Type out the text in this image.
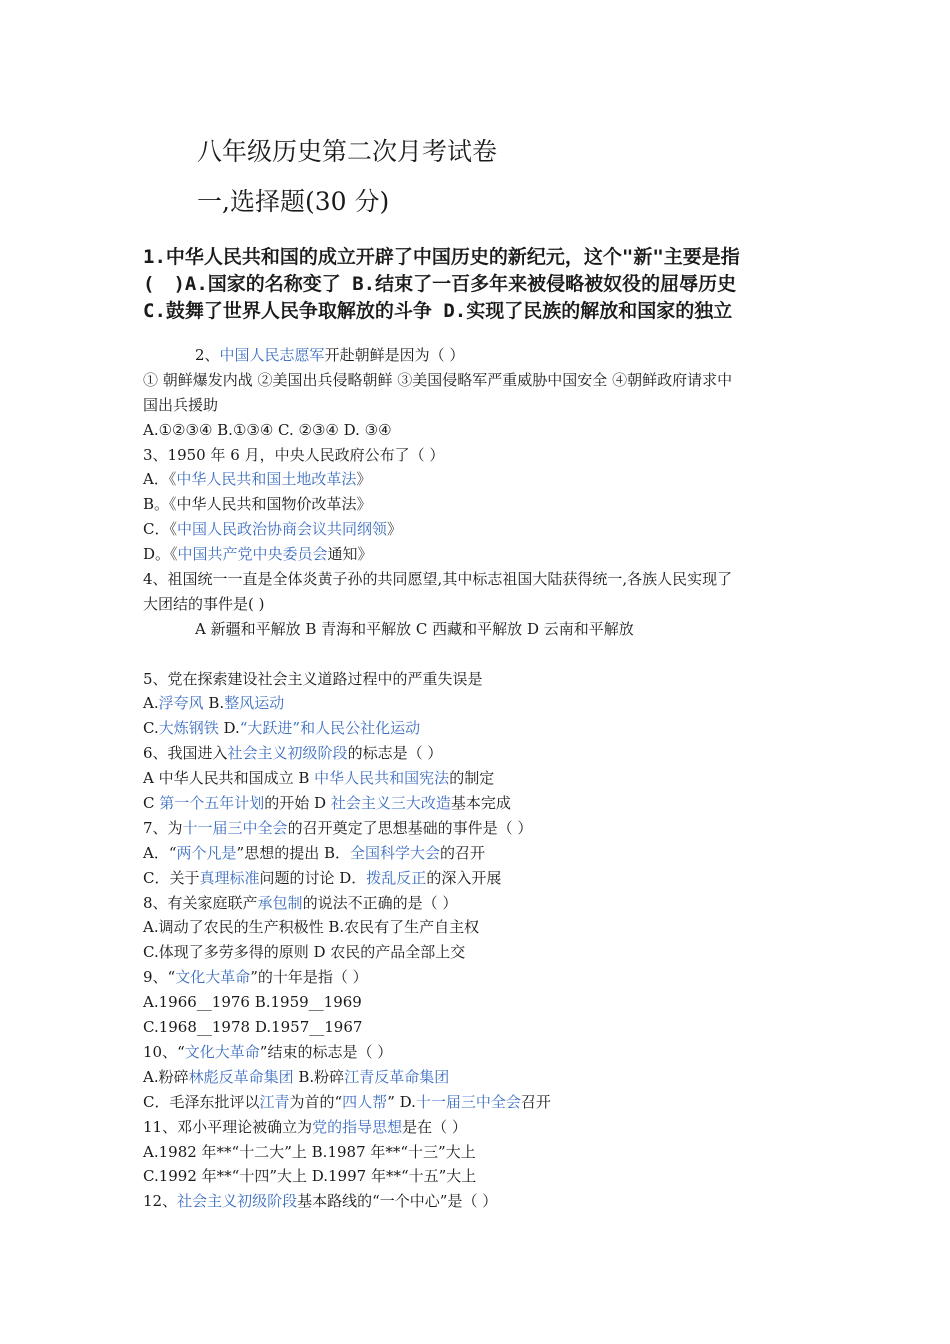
八年级历史第二次月考试卷
一,选择题(30 分)
1.中华人民共和国的成立开辟了中国历史的新纪元，这个"新"主要是指
(　)A.国家的名称变了 B.结束了一百多年来被侵略被奴役的屈辱历史
C.鼓舞了世界人民争取解放的斗争 D.实现了民族的解放和国家的独立
2、中国人民志愿军开赴朝鲜是因为（ ）
① 朝鲜爆发内战 ②美国出兵侵略朝鲜 ③美国侵略军严重威胁中国安全 ④朝鲜政府请求中
国出兵援助
A.①②③④ B.①③④ C. ②③④ D. ③④
3、1950 年 6 月，中央人民政府公布了（ ）
A．《中华人民共和国土地改革法》
B。《中华人民共和国物价改革法》
C．《中国人民政治协商会议共同纲领》
D。《中国共产党中央委员会通知》
4、祖国统一一直是全体炎黄子孙的共同愿望,其中标志祖国大陆获得统一,各族人民实现了
大团结的事件是( )
A 新疆和平解放 B 青海和平解放 C 西藏和平解放 D 云南和平解放
5、党在探索建设社会主义道路过程中的严重失误是
A.浮夸风 B.整风运动
C.大炼钢铁 D.“大跃进”和人民公社化运动
6、我国进入社会主义初级阶段的标志是（ ）
A 中华人民共和国成立 B 中华人民共和国宪法的制定
C 第一个五年计划的开始 D 社会主义三大改造基本完成
7、为十一届三中全会的召开奠定了思想基础的事件是（ ）
A．“两个凡是”思想的提出 B．全国科学大会的召开
C．关于真理标准问题的讨论 D．拨乱反正的深入开展
8、有关家庭联产承包制的说法不正确的是（ ）
A.调动了农民的生产积极性 B.农民有了生产自主权
C.体现了多劳多得的原则 D 农民的产品全部上交
9、“文化大革命”的十年是指（ ）
A.1966__1976 B.1959__1969
C.1968__1978 D.1957__1967
10、“文化大革命”结束的标志是（ ）
A.粉碎林彪反革命集团 B.粉碎江青反革命集团
C．毛泽东批评以江青为首的“四人帮” D.十一届三中全会召开
11、邓小平理论被确立为党的指导思想是在（ ）
A.1982 年**“十二大”上 B.1987 年**“十三”大上
C.1992 年**“十四”大上 D.1997 年**“十五”大上
12、社会主义初级阶段基本路线的“一个中心”是（ ）
